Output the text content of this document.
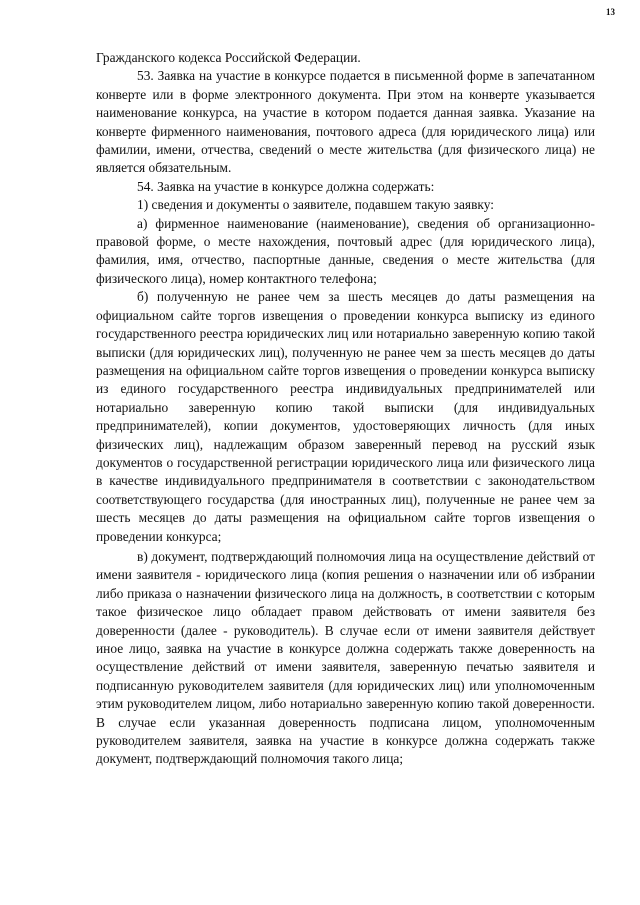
13

Гражданского кодекса Российской Федерации.

53. Заявка на участие в конкурсе подается в письменной форме в запечатанном конверте или в форме электронного документа. При этом на конверте указывается наименование конкурса, на участие в котором подается данная заявка. Указание на конверте фирменного наименования, почтового адреса (для юридического лица) или фамилии, имени, отчества, сведений о месте жительства (для физического лица) не является обязательным.

54. Заявка на участие в конкурсе должна содержать:

1) сведения и документы о заявителе, подавшем такую заявку:

а) фирменное наименование (наименование), сведения об организационно-правовой форме, о месте нахождения, почтовый адрес (для юридического лица), фамилия, имя, отчество, паспортные данные, сведения о месте жительства (для физического лица), номер контактного телефона;

б) полученную не ранее чем за шесть месяцев до даты размещения на официальном сайте торгов извещения о проведении конкурса выписку из единого государственного реестра юридических лиц или нотариально заверенную копию такой выписки (для юридических лиц), полученную не ранее чем за шесть месяцев до даты размещения на официальном сайте торгов извещения о проведении конкурса выписку из единого государственного реестра индивидуальных предпринимателей или нотариально заверенную копию такой выписки (для индивидуальных предпринимателей), копии документов, удостоверяющих личность (для иных физических лиц), надлежащим образом заверенный перевод на русский язык документов о государственной регистрации юридического лица или физического лица в качестве индивидуального предпринимателя в соответствии с законодательством соответствующего государства (для иностранных лиц), полученные не ранее чем за шесть месяцев до даты размещения на официальном сайте торгов извещения о проведении конкурса;

в) документ, подтверждающий полномочия лица на осуществление действий от имени заявителя - юридического лица (копия решения о назначении или об избрании либо приказа о назначении физического лица на должность, в соответствии с которым такое физическое лицо обладает правом действовать от имени заявителя без доверенности (далее - руководитель). В случае если от имени заявителя действует иное лицо, заявка на участие в конкурсе должна содержать также доверенность на осуществление действий от имени заявителя, заверенную печатью заявителя и подписанную руководителем заявителя (для юридических лиц) или уполномоченным этим руководителем лицом, либо нотариально заверенную копию такой доверенности. В случае если указанная доверенность подписана лицом, уполномоченным руководителем заявителя, заявка на участие в конкурсе должна содержать также документ, подтверждающий полномочия такого лица;
